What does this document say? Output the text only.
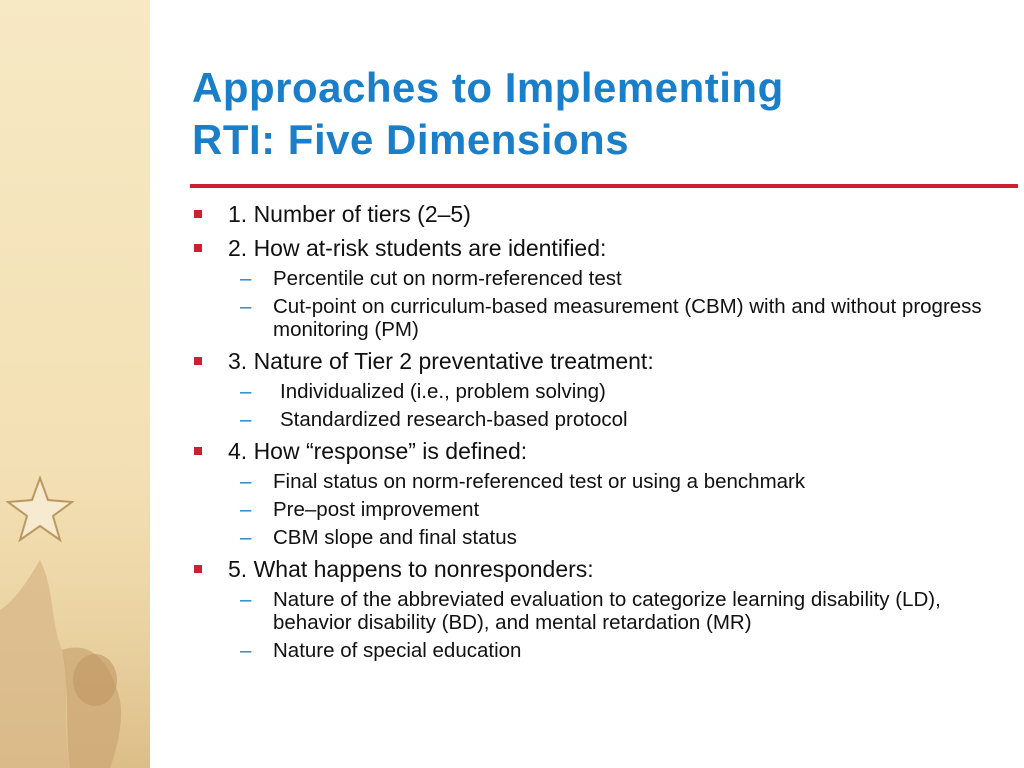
Approaches to Implementing
RTI: Five Dimensions
1. Number of tiers (2–5)
2. How at-risk students are identified:
– Percentile cut on norm-referenced test
– Cut-point on curriculum-based measurement (CBM) with and without progress monitoring (PM)
3. Nature of Tier 2 preventative treatment:
– Individualized (i.e., problem solving)
– Standardized research-based protocol
4. How “response” is defined:
– Final status on norm-referenced test or using a benchmark
– Pre–post improvement
– CBM slope and final status
5. What happens to nonresponders:
– Nature of the abbreviated evaluation to categorize learning disability (LD), behavior disability (BD), and mental retardation (MR)
– Nature of special education
